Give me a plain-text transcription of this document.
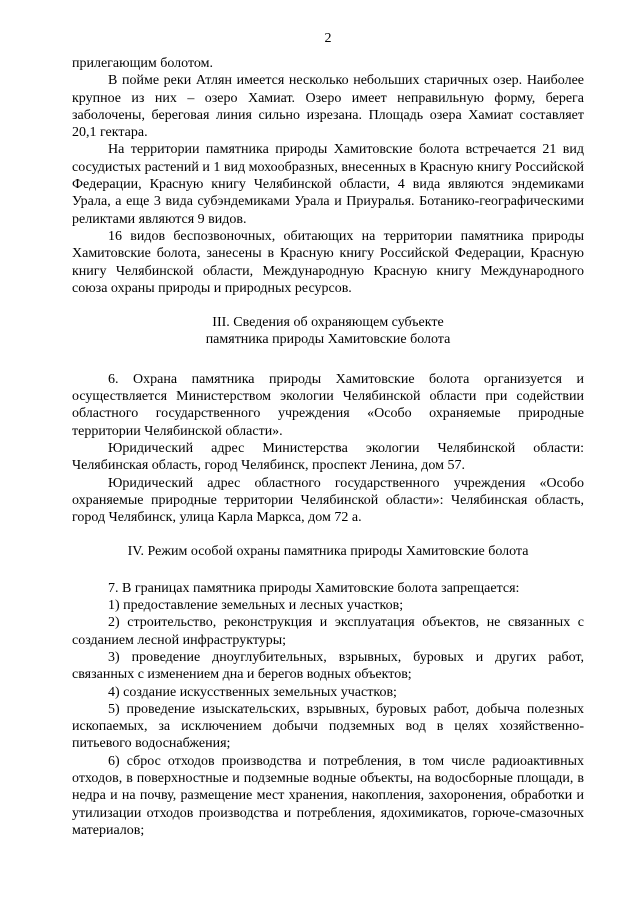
2

прилегающим болотом.

В пойме реки Атлян имеется несколько небольших старичных озер. Наиболее крупное из них – озеро Хамиат. Озеро имеет неправильную форму, берега заболочены, береговая линия сильно изрезана. Площадь озера Хамиат составляет 20,1 гектара.

На территории памятника природы Хамитовские болота встречается 21 вид сосудистых растений и 1 вид мохообразных, внесенных в Красную книгу Российской Федерации, Красную книгу Челябинской области, 4 вида являются эндемиками Урала, а еще 3 вида субэндемиками Урала и Приуралья. Ботанико-географическими реликтами являются 9 видов.

16 видов беспозвоночных, обитающих на территории памятника природы Хамитовские болота, занесены в Красную книгу Российской Федерации, Красную книгу Челябинской области, Международную Красную книгу Международного союза охраны природы и природных ресурсов.

III. Сведения об охраняющем субъекте
памятника природы Хамитовские болота

6. Охрана памятника природы Хамитовские болота организуется и осуществляется Министерством экологии Челябинской области при содействии областного государственного учреждения «Особо охраняемые природные территории Челябинской области».

Юридический адрес Министерства экологии Челябинской области: Челябинская область, город Челябинск, проспект Ленина, дом 57.

Юридический адрес областного государственного учреждения «Особо охраняемые природные территории Челябинской области»: Челябинская область, город Челябинск, улица Карла Маркса, дом 72 а.

IV. Режим особой охраны памятника природы Хамитовские болота

7. В границах памятника природы Хамитовские болота запрещается:

1) предоставление земельных и лесных участков;

2) строительство, реконструкция и эксплуатация объектов, не связанных с созданием лесной инфраструктуры;

3) проведение дноуглубительных, взрывных, буровых и других работ, связанных с изменением дна и берегов водных объектов;

4) создание искусственных земельных участков;

5) проведение изыскательских, взрывных, буровых работ, добыча полезных ископаемых, за исключением добычи подземных вод в целях хозяйственно-питьевого водоснабжения;

6) сброс отходов производства и потребления, в том числе радиоактивных отходов, в поверхностные и подземные водные объекты, на водосборные площади, в недра и на почву, размещение мест хранения, накопления, захоронения, обработки и утилизации отходов производства и потребления, ядохимикатов, горюче-смазочных материалов;
